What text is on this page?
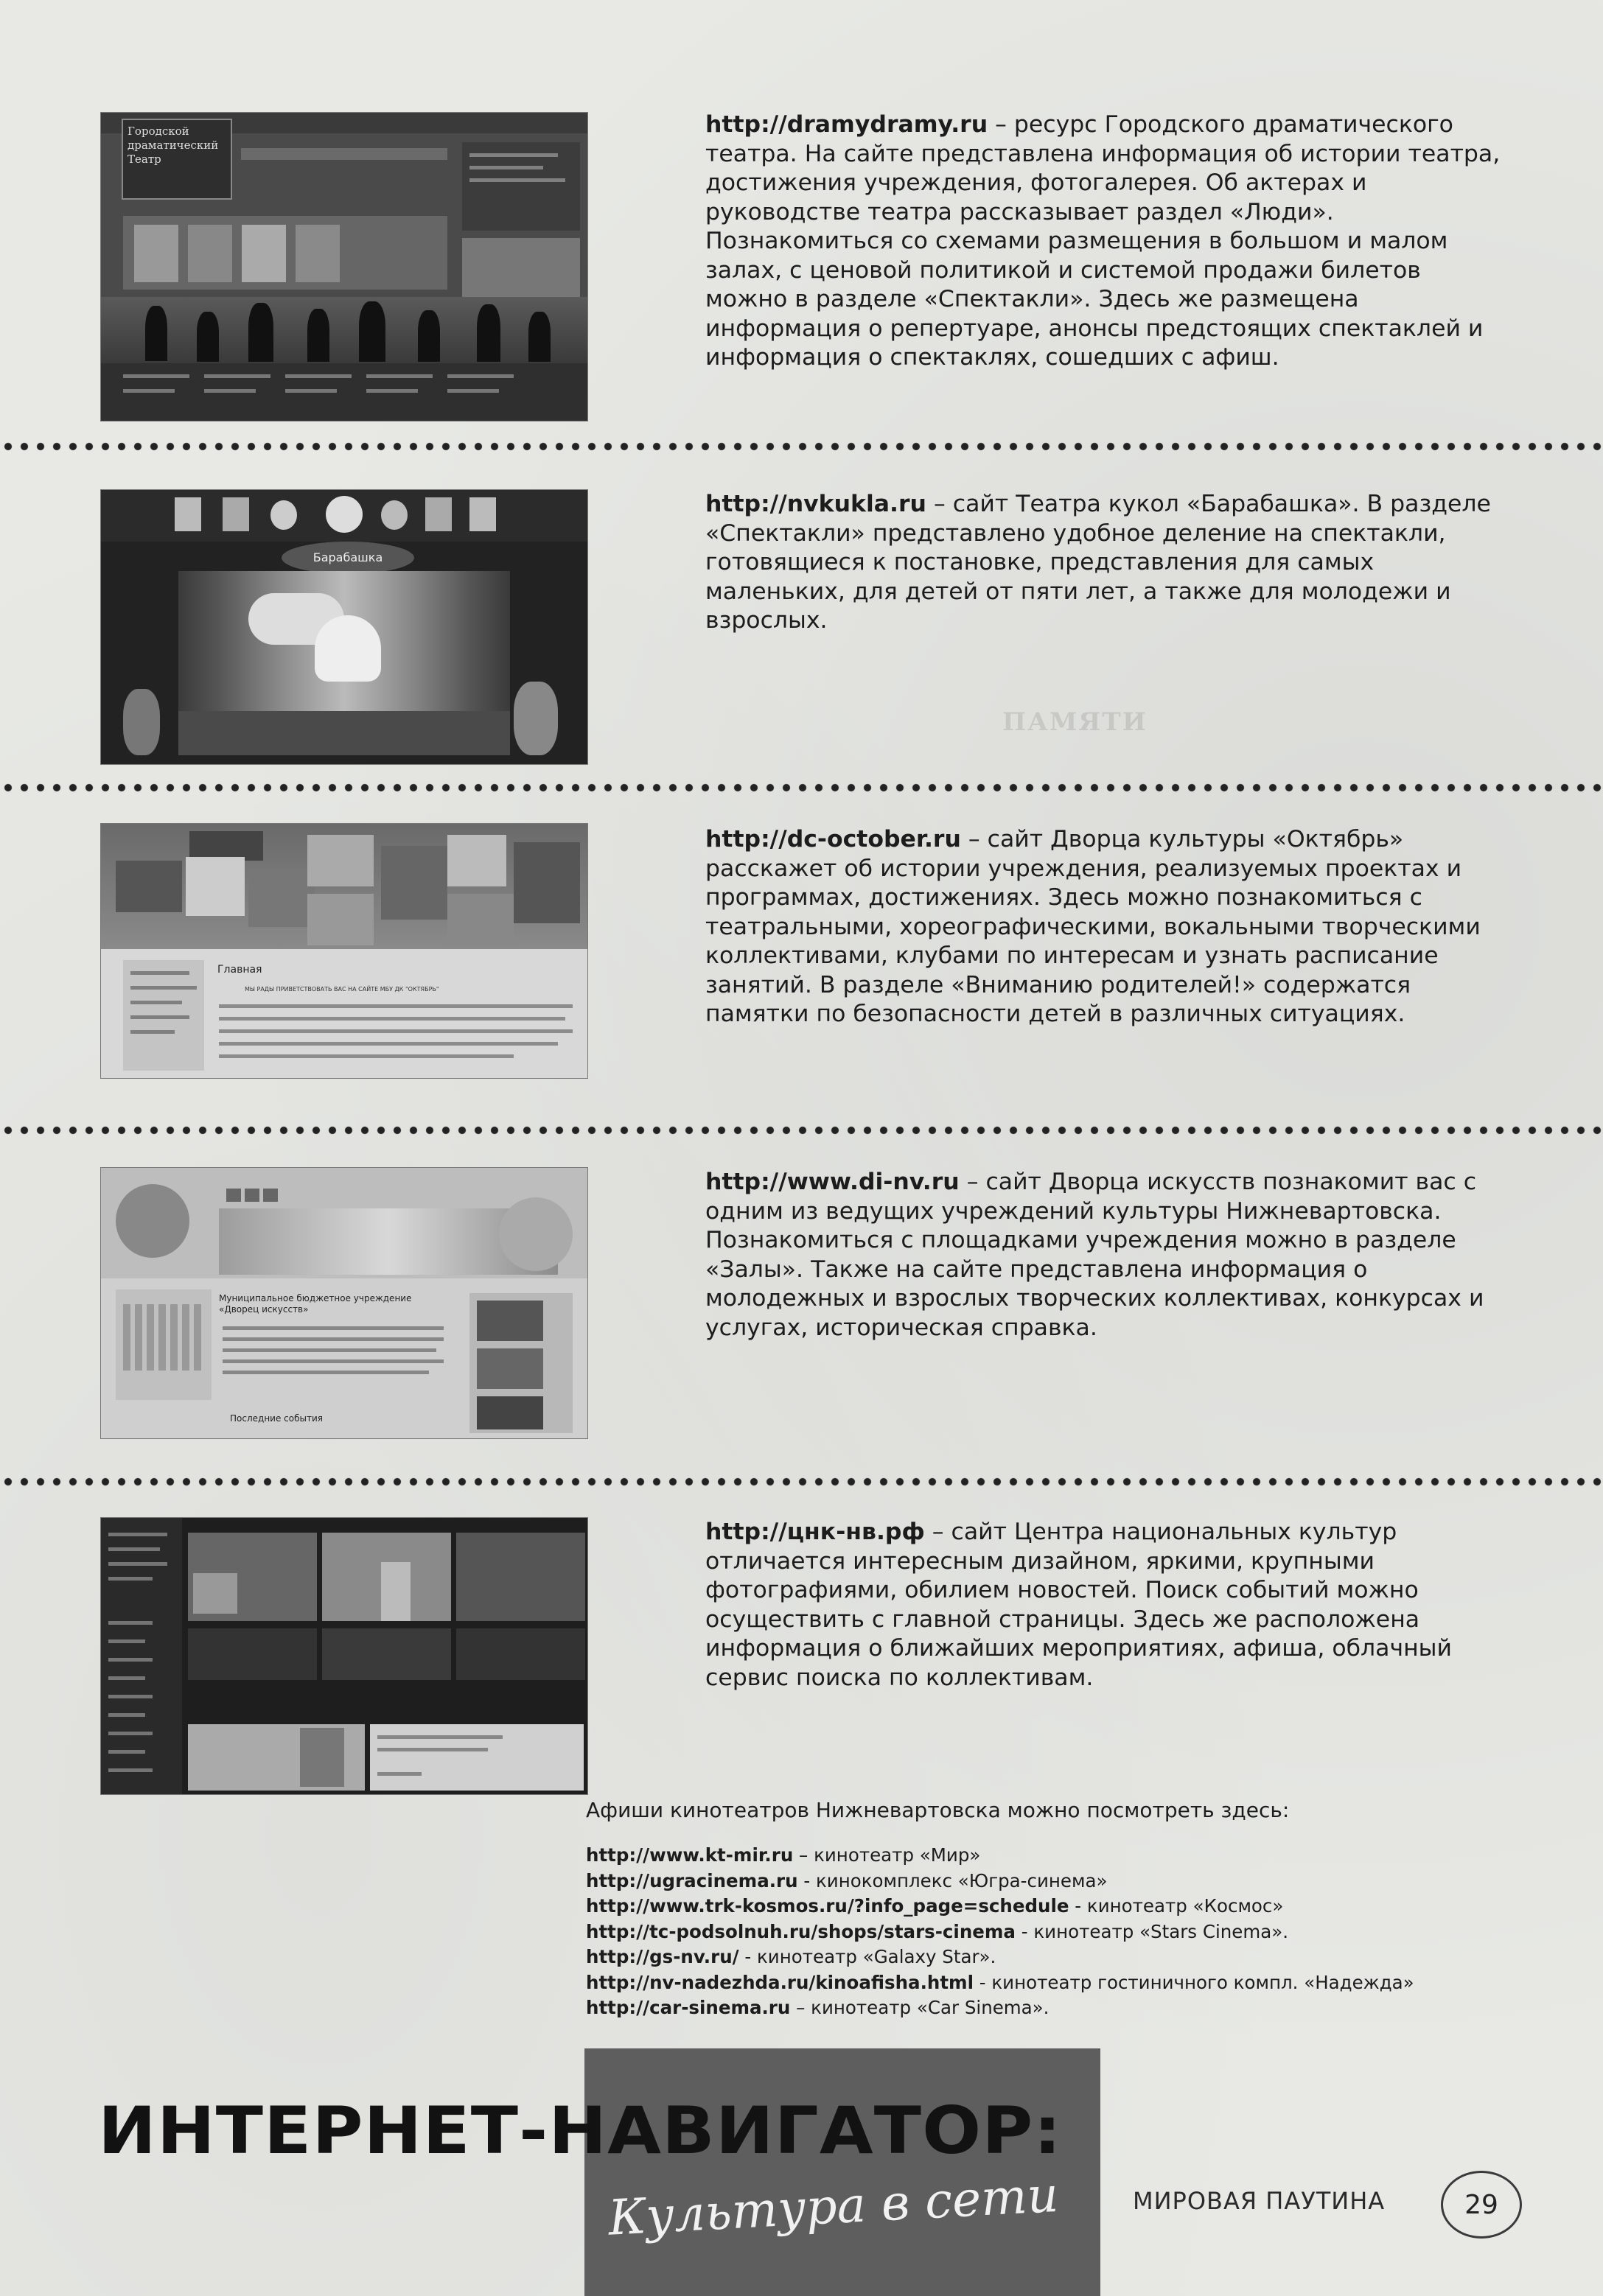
ПАМЯТИ
Городской драматический Театр

http://dramydramy.ru – ресурс Городского драматического театра. На сайте представлена информация об истории театра, достижения учреждения, фотогалерея. Об актерах и руководстве театра рассказывает раздел «Люди». Познакомиться со схемами размещения в большом и малом залах, с ценовой политикой и системой продажи билетов можно в разделе «Спектакли». Здесь же размещена информация о репертуаре, анонсы предстоящих спектаклей и информация о спектаклях, сошедших с афиш.

Барабашка

http://nvkukla.ru – сайт Театра кукол «Барабашка». В разделе «Спектакли» представлено удобное деление на спектакли, готовящиеся к постановке, представления для самых маленьких, для детей от пяти лет, а также для молодежи и взрослых.

Главная
МЫ РАДЫ ПРИВЕТСТВОВАТЬ ВАС НА САЙТЕ МБУ ДК "ОКТЯБРЬ"

http://dc-october.ru – сайт Дворца культуры «Октябрь» расскажет об истории учреждения, реализуемых проектах и программах, достижениях. Здесь можно познакомиться с театральными, хореографическими, вокальными творческими коллективами, клубами по интересам и узнать расписание занятий. В разделе «Вниманию родителей!» содержатся памятки по безопасности детей в различных ситуациях.

Муниципальное бюджетное учреждение «Дворец искусств»
Последние события

http://www.di-nv.ru – сайт Дворца искусств познакомит вас с одним из ведущих учреждений культуры Нижневартовска. Познакомиться с площадками учреждения можно в разделе «Залы». Также на сайте представлена информация о молодежных и взрослых творческих коллективах, конкурсах и услугах, историческая справка.

http://цнк-нв.рф – сайт Центра национальных культур отличается интересным дизайном, яркими, крупными фотографиями, обилием новостей. Поиск событий можно осуществить с главной страницы. Здесь же расположена информация о ближайших мероприятиях, афиша, облачный сервис поиска по коллективам.

Афиши кинотеатров Нижневартовска можно посмотреть здесь:

http://www.kt-mir.ru – кинотеатр «Мир»
http://ugracinema.ru - кинокомплекс «Югра-синема»
http://www.trk-kosmos.ru/?info_page=schedule - кинотеатр «Космос»
http://tc-podsolnuh.ru/shops/stars-cinema - кинотеатр «Stars Cinema».
http://gs-nv.ru/ - кинотеатр «Galaxy Star».
http://nv-nadezhda.ru/kinoafisha.html - кинотеатр гостиничного компл. «Надежда»
http://car-sinema.ru – кинотеатр «Car Sinema».
ИНТЕРНЕТ-НАВИГАТОР:
Культура в сети	МИРОВАЯ ПАУТИНА	29
